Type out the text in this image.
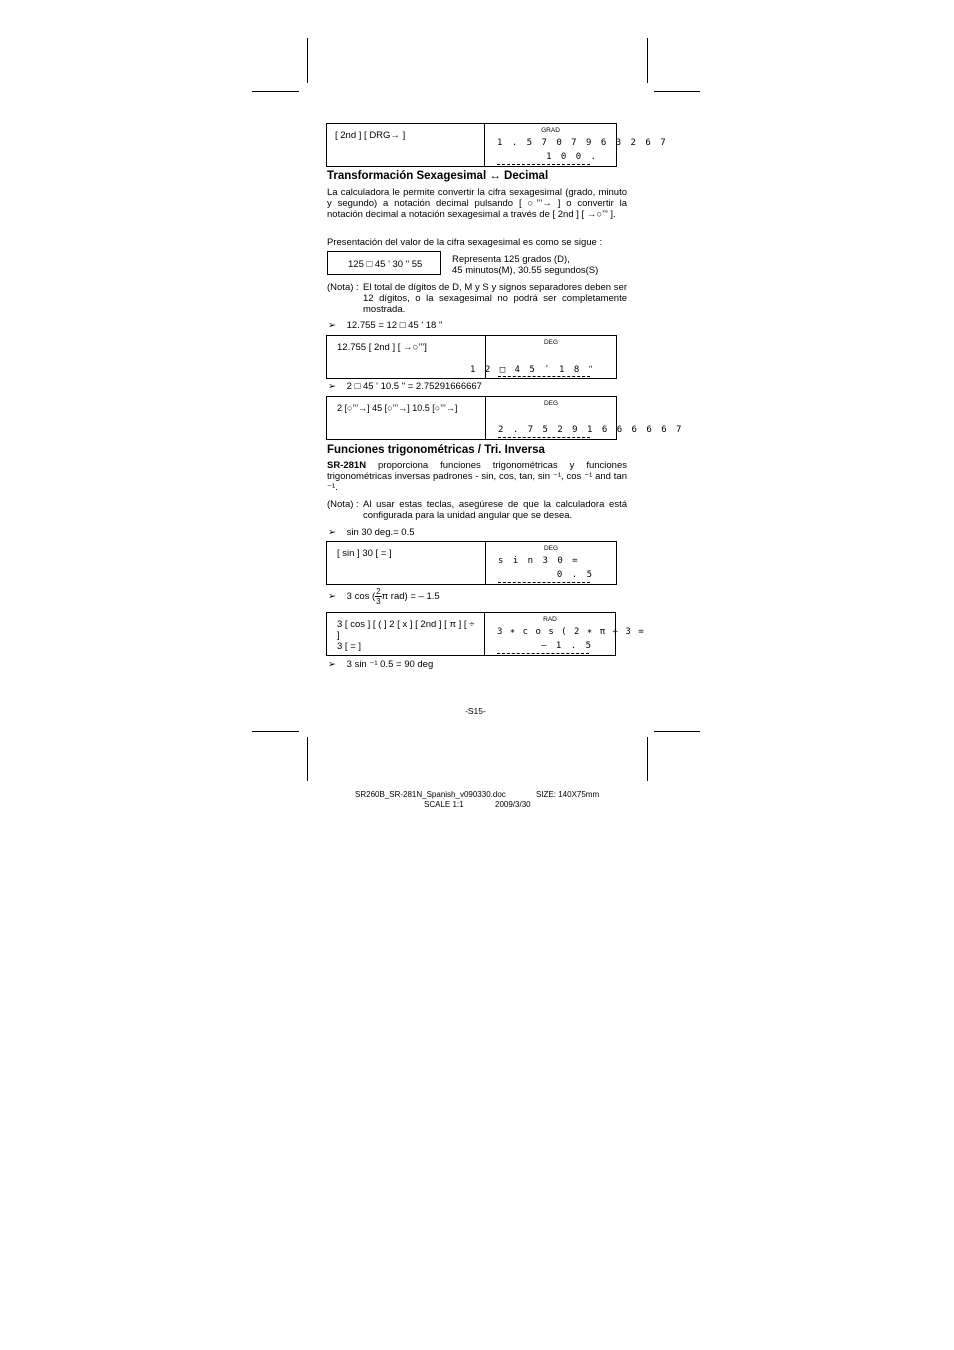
[ 2nd ] [ DRG→ ]	GRAD
1 . 5 7 0 7 9 6 3 2 6 7
1 0 0 .
Transformación Sexagesimal ↔ Decimal
La calculadora le permite convertir la cifra sexagesimal (grado, minuto y segundo) a notación decimal pulsando [ ○’’’→ ] o convertir la notación decimal a notación sexagesimal a través de [ 2nd ] [ →○’’’ ].
Presentación del valor de la cifra sexagesimal es como se sigue :
125 □ 45 ʹ 30 ʺ 55	Representa 125 grados (D),
45 minutos(M), 30.55 segundos(S)
(Nota) : El total de dígitos de D, M y S y signos separadores deben ser 12 dígitos, o la sexagesimal no podrá ser completamente mostrada.
➢ 12.755 = 12 □ 45 ʹ 18 ʺ
12.755 [ 2nd ] [ →○’’’]	DEG
1 2 □ 4 5 ʹ 1 8 ʺ
➢ 2 □ 45 ʹ 10.5 ʺ = 2.75291666667
2 [○’’’→] 45 [○’’’→] 10.5 [○’’’→]	DEG
2 . 7 5 2 9 1 6 6 6 6 6 7
Funciones trigonométricas / Tri. Inversa
SR-281N proporciona funciones trigonométricas y funciones trigonométricas inversas padrones - sin, cos, tan, sin ⁻¹, cos ⁻¹ and tan ⁻¹.
(Nota) : Al usar estas teclas, asegúrese de que la calculadora está configurada para la unidad angular que se desea.
➢ sin 30 deg.= 0.5
[ sin ] 30 [ = ]	DEG
s i n 3 0 =
0 . 5
➢ 3 cos ( $\frac{2}{3}$ π rad) = – 1.5
3 [ cos ] [ ( ] 2 [ x ] [ 2nd ] [ π ] [ ÷ ]
3 [ = ]
RAD
3 ∗ c o s ( 2 ∗ π ÷ 3 =
– 1 . 5
➢ 3 sin ⁻¹ 0.5 = 90 deg
-S15-
SR260B_SR-281N_Spanish_v090330.doc	SIZE: 140X75mm
SCALE 1:1	2009/3/30
